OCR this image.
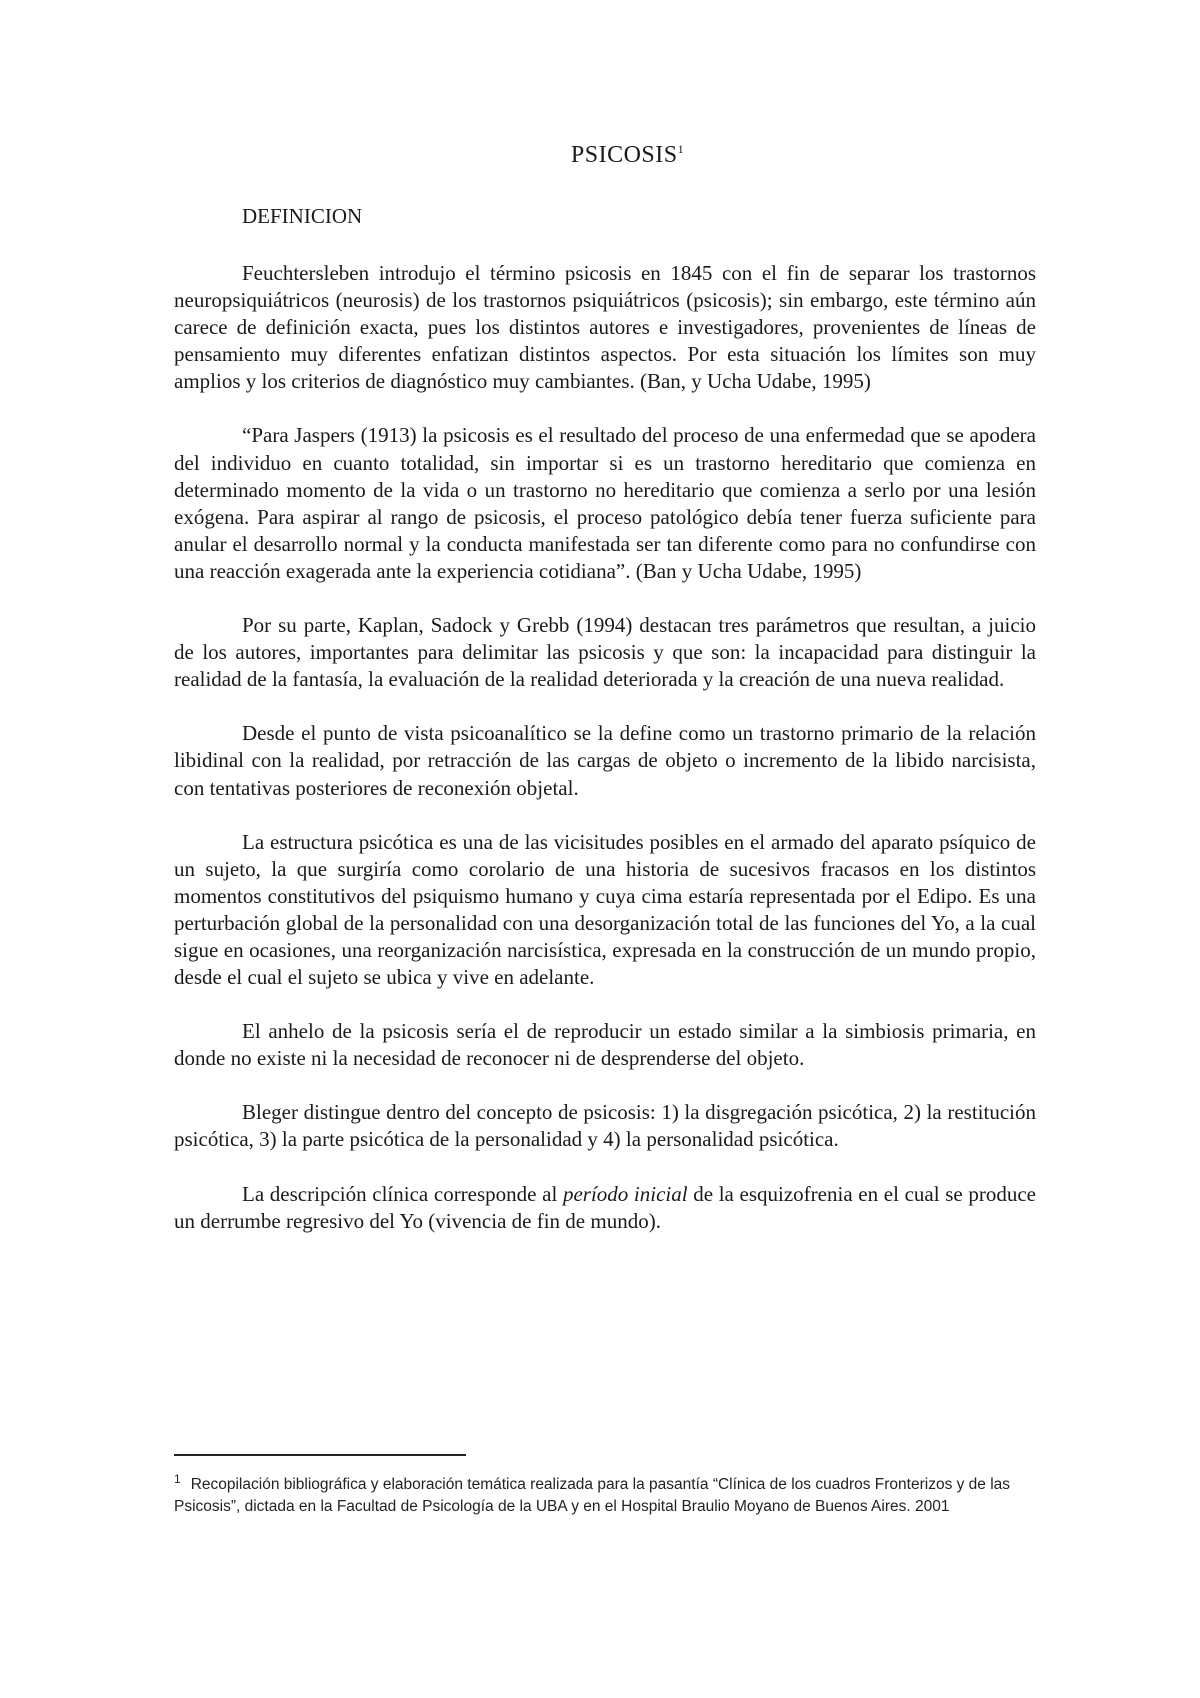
PSICOSIS$^1$
DEFINICION

Feuchtersleben introdujo el término psicosis en 1845 con el fin de separar los trastornos neuropsiquiátricos (neurosis) de los trastornos psiquiátricos (psicosis); sin embargo, este término aún carece de definición exacta, pues los distintos autores e investigadores, provenientes de líneas de pensamiento muy diferentes enfatizan distintos aspectos. Por esta situación los límites son muy amplios y los criterios de diagnóstico muy cambiantes. (Ban, y Ucha Udabe, 1995)

“Para Jaspers (1913) la psicosis es el resultado del proceso de una enfermedad que se apodera del individuo en cuanto totalidad, sin importar si es un trastorno hereditario que comienza en determinado momento de la vida o un trastorno no hereditario que comienza a serlo por una lesión exógena. Para aspirar al rango de psicosis, el proceso patológico debía tener fuerza suficiente para anular el desarrollo normal y la conducta manifestada ser tan diferente como para no confundirse con una reacción exagerada ante la experiencia cotidiana”. (Ban y Ucha Udabe, 1995)

Por su parte, Kaplan, Sadock y Grebb (1994) destacan tres parámetros que resultan, a juicio de los autores, importantes para delimitar las psicosis y que son: la incapacidad para distinguir la realidad de la fantasía, la evaluación de la realidad deteriorada y la creación de una nueva realidad.

Desde el punto de vista psicoanalítico se la define como un trastorno primario de la relación libidinal con la realidad, por retracción de las cargas de objeto o incremento de la libido narcisista, con tentativas posteriores de reconexión objetal.

La estructura psicótica es una de las vicisitudes posibles en el armado del aparato psíquico de un sujeto, la que surgiría como corolario de una historia de sucesivos fracasos en los distintos momentos constitutivos del psiquismo humano y cuya cima estaría representada por el Edipo. Es una perturbación global de la personalidad con una desorganización total de las funciones del Yo, a la cual sigue en ocasiones, una reorganización narcisística, expresada en la construcción de un mundo propio, desde el cual el sujeto se ubica y vive en adelante.

El anhelo de la psicosis sería el de reproducir un estado similar a la simbiosis primaria, en donde no existe ni la necesidad de reconocer ni de desprenderse del objeto.

Bleger distingue dentro del concepto de psicosis: 1) la disgregación psicótica, 2) la restitución psicótica, 3) la parte psicótica de la personalidad y 4) la personalidad psicótica.

La descripción clínica corresponde al período inicial de la esquizofrenia en el cual se produce un derrumbe regresivo del Yo (vivencia de fin de mundo).

$^1$ Recopilación bibliográfica y elaboración temática realizada para la pasantía “Clínica de los cuadros Fronterizos y de las Psicosis”, dictada en la Facultad de Psicología de la UBA y en el Hospital Braulio Moyano de Buenos Aires. 2001
